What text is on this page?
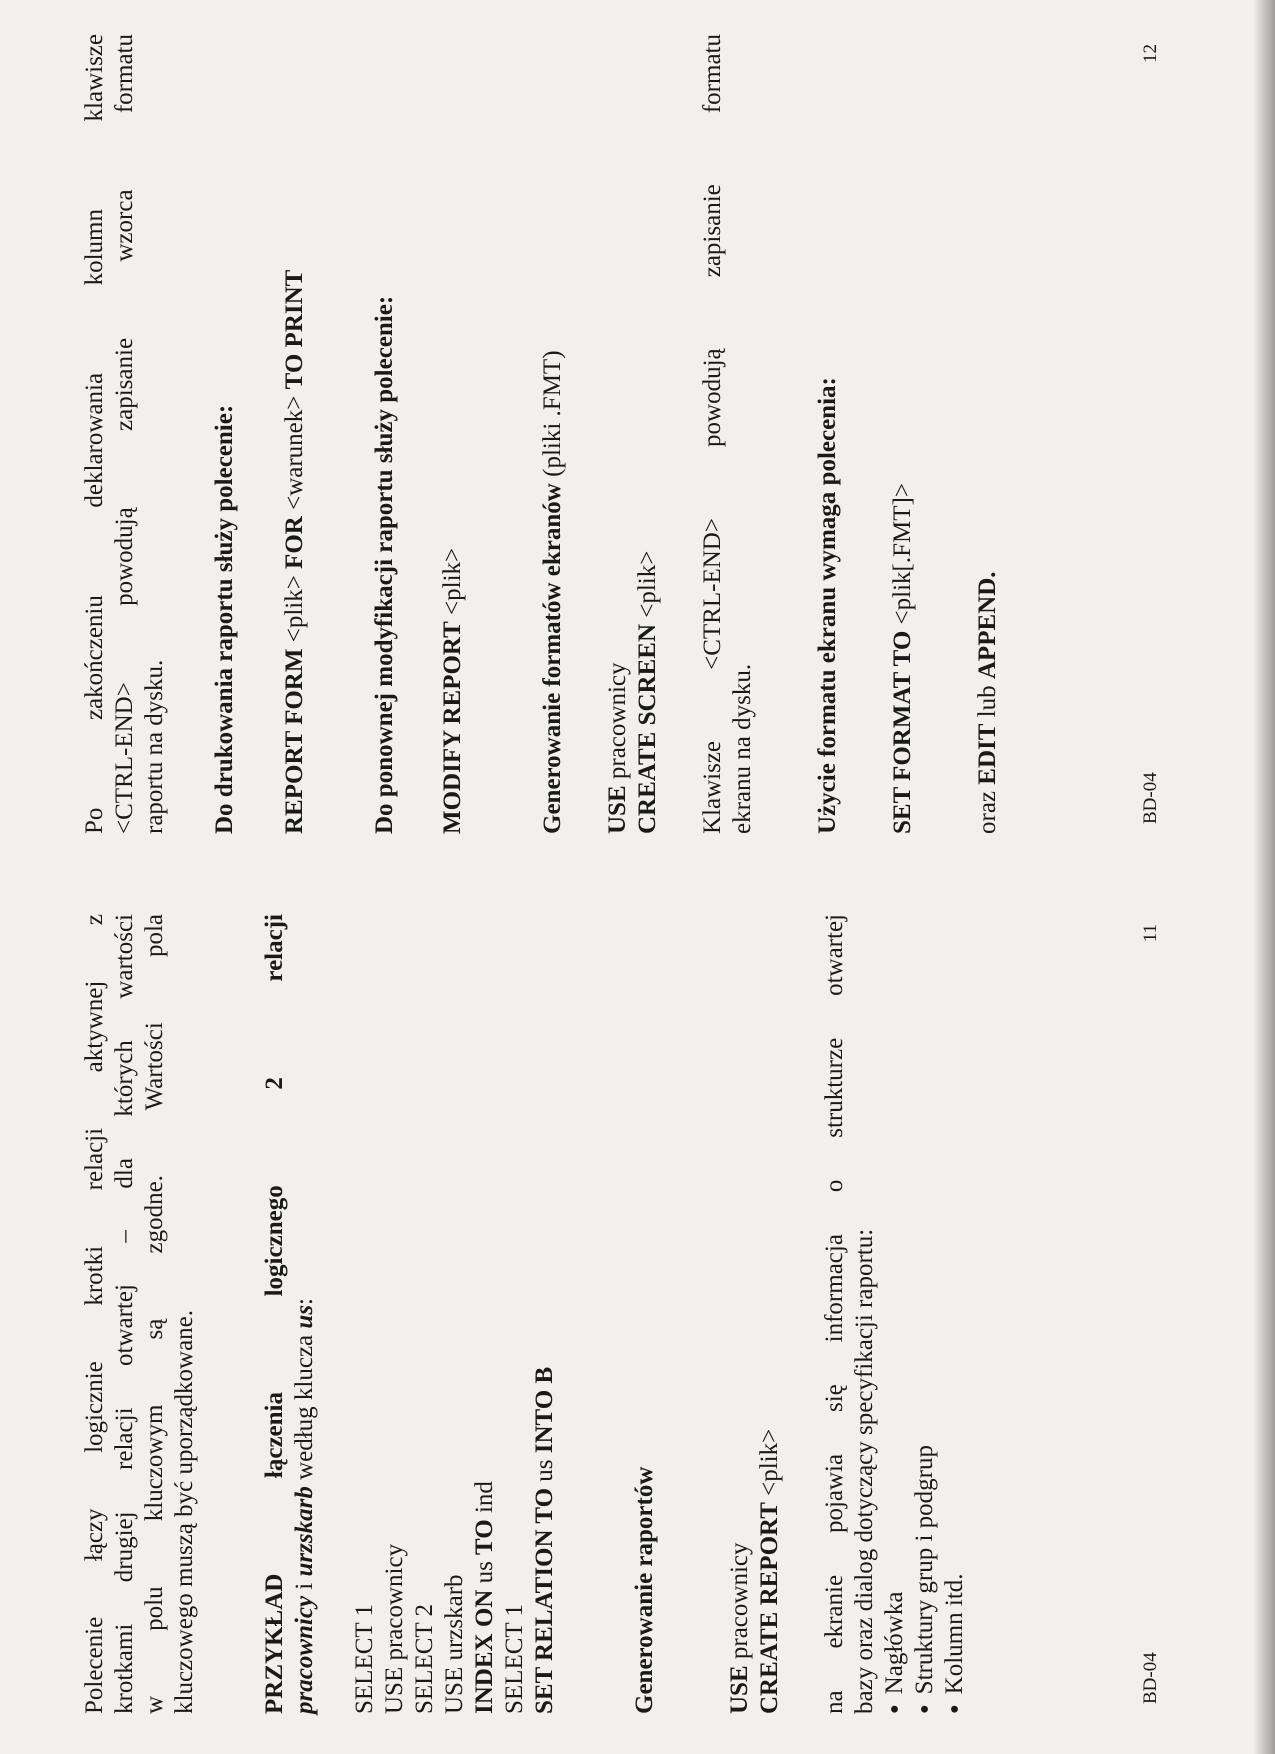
Polecenie łączy logicznie krotki relacji aktywnej z krotkami drugiej relacji otwartej – dla których wartości w polu kluczowym są zgodne. Wartości pola kluczowego muszą być uporządkowane.	PRZYKŁAD łączenia logicznego 2 relacji pracownicy i urzskarb według klucza us:
SELECT 1 USE pracownicy SELECT 2 USE urzskarb INDEX ON us TO ind
SELECT 1 SET RELATION TO us INTO B
Generowanie raportów	USE pracownicy CREATE REPORT <plik> na ekranie pojawia się informacja o strukturze otwartej bazy oraz dialog dotyczący specyfikacji raportu: ● Nagłówka ● Struktury grup i podgrup ● Kolumn itd.	BD-04
11
Po zakończeniu deklarowania kolumn klawisze <CTRL-END> powodują zapisanie wzorca formatu raportu na dysku. Do drukowania raportu służy polecenie: REPORT FORM <plik> FOR <warunek> TO PRINT	Do ponownej modyfikacji raportu służy polecenie: MODIFY REPORT <plik>	Generowanie formatów ekranów (pliki .FMT)
USE pracownicy CREATE SCREEN <plik> Klawisze <CTRL-END> powodują zapisanie formatu ekranu na dysku. Użycie formatu ekranu wymaga polecenia: SET FORMAT TO <plik[.FMT]>
oraz EDIT lub APPEND.
BD-04
12
